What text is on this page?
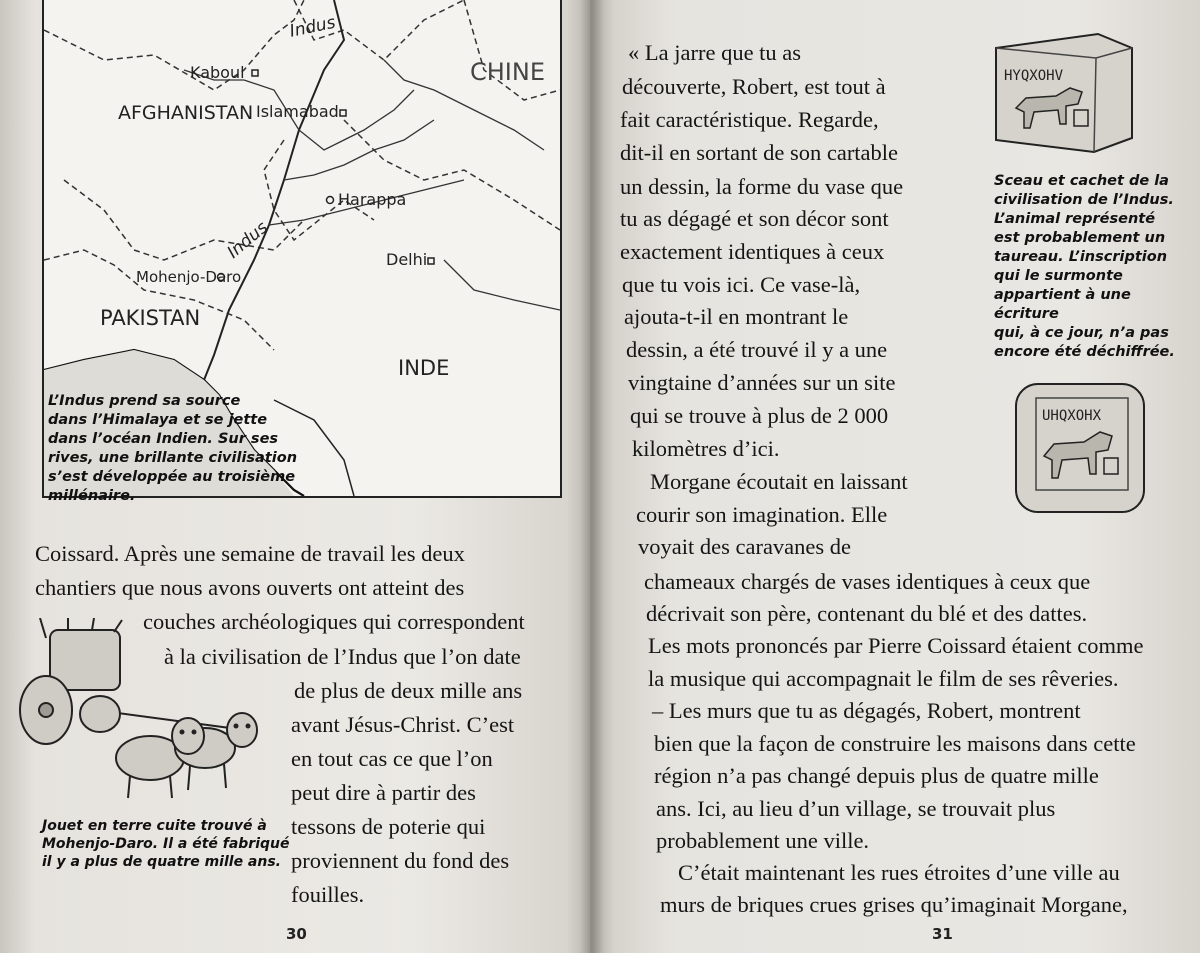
Indus
CHINE
Kaboul
AFGHANISTAN Islamabad
Harappa
Indus	Delhi
Mohenjo-Daro
PAKISTAN
INDE
L’Indus prend sa source
dans l’Himalaya et se jette
dans l’océan Indien. Sur ses
rives, une brillante civilisation
s’est développée au troisième
millénaire.
Coissard. Après une semaine de travail les deux
chantiers que nous avons ouverts ont atteint des
couches archéologiques qui correspondent
à la civilisation de l’Indus que l’on date
de plus de deux mille ans
avant Jésus-Christ. C’est
en tout cas ce que l’on
peut dire à partir des
tessons de poterie qui
proviennent du fond des
fouilles.
Jouet en terre cuite trouvé à
Mohenjo-Daro. Il a été fabriqué
il y a plus de quatre mille ans.
30
« La jarre que tu as
découverte, Robert, est tout à
fait caractéristique. Regarde,
dit-il en sortant de son cartable
un dessin, la forme du vase que
tu as dégagé et son décor sont
exactement identiques à ceux
que tu vois ici. Ce vase-là,
ajouta-t-il en montrant le
dessin, a été trouvé il y a une
vingtaine d’années sur un site
qui se trouve à plus de 2 000
kilomètres d’ici.
Morgane écoutait en laissant
courir son imagination. Elle
voyait des caravanes de
chameaux chargés de vases identiques à ceux que
décrivait son père, contenant du blé et des dattes.
Les mots prononcés par Pierre Coissard étaient comme
la musique qui accompagnait le film de ses rêveries.
– Les murs que tu as dégagés, Robert, montrent
bien que la façon de construire les maisons dans cette
région n’a pas changé depuis plus de quatre mille
ans. Ici, au lieu d’un village, se trouvait plus
probablement une ville.
C’était maintenant les rues étroites d’une ville au
murs de briques crues grises qu’imaginait Morgane,
HYQXOHV
Sceau et cachet de la
civilisation de l’Indus.
L’animal représenté
est probablement un
taureau. L’inscription
qui le surmonte
appartient à une écriture
qui, à ce jour, n’a pas
encore été déchiffrée.
UHQXOHX
31
